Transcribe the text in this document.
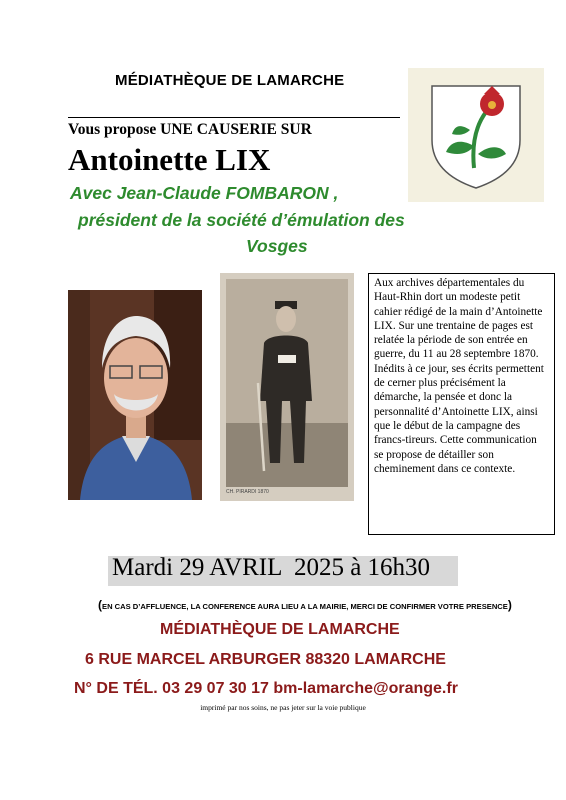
MÉDIATHÈQUE DE LAMARCHE
Vous propose UNE CAUSERIE SUR
Antoinette LIX
Avec Jean-Claude FOMBARON ,
président de la société d’émulation des
Vosges
CH. PIRARDI 1870
Aux archives départementales du Haut-Rhin dort un modeste petit cahier rédigé de la main d’Antoinette LIX. Sur une trentaine de pages est relatée la période de son entrée en guerre, du 11 au 28 septembre 1870. Inédits à ce jour, ses écrits permettent de cerner plus précisément la démarche, la pensée et donc la personnalité d’Antoinette LIX, ainsi que le début de la campagne des francs-tireurs. Cette communication se propose de détailler son cheminement dans ce contexte.
Mardi 29 AVRIL  2025 à 16h30
(EN CAS D’AFFLUENCE, LA CONFERENCE AURA LIEU A LA MAIRIE, MERCI DE CONFIRMER VOTRE PRESENCE)
MÉDIATHÈQUE DE LAMARCHE
6 RUE MARCEL ARBURGER 88320 LAMARCHE
N° DE TÉL. 03 29 07 30 17 bm-lamarche@orange.fr
imprimé par nos soins, ne pas jeter sur la voie publique
